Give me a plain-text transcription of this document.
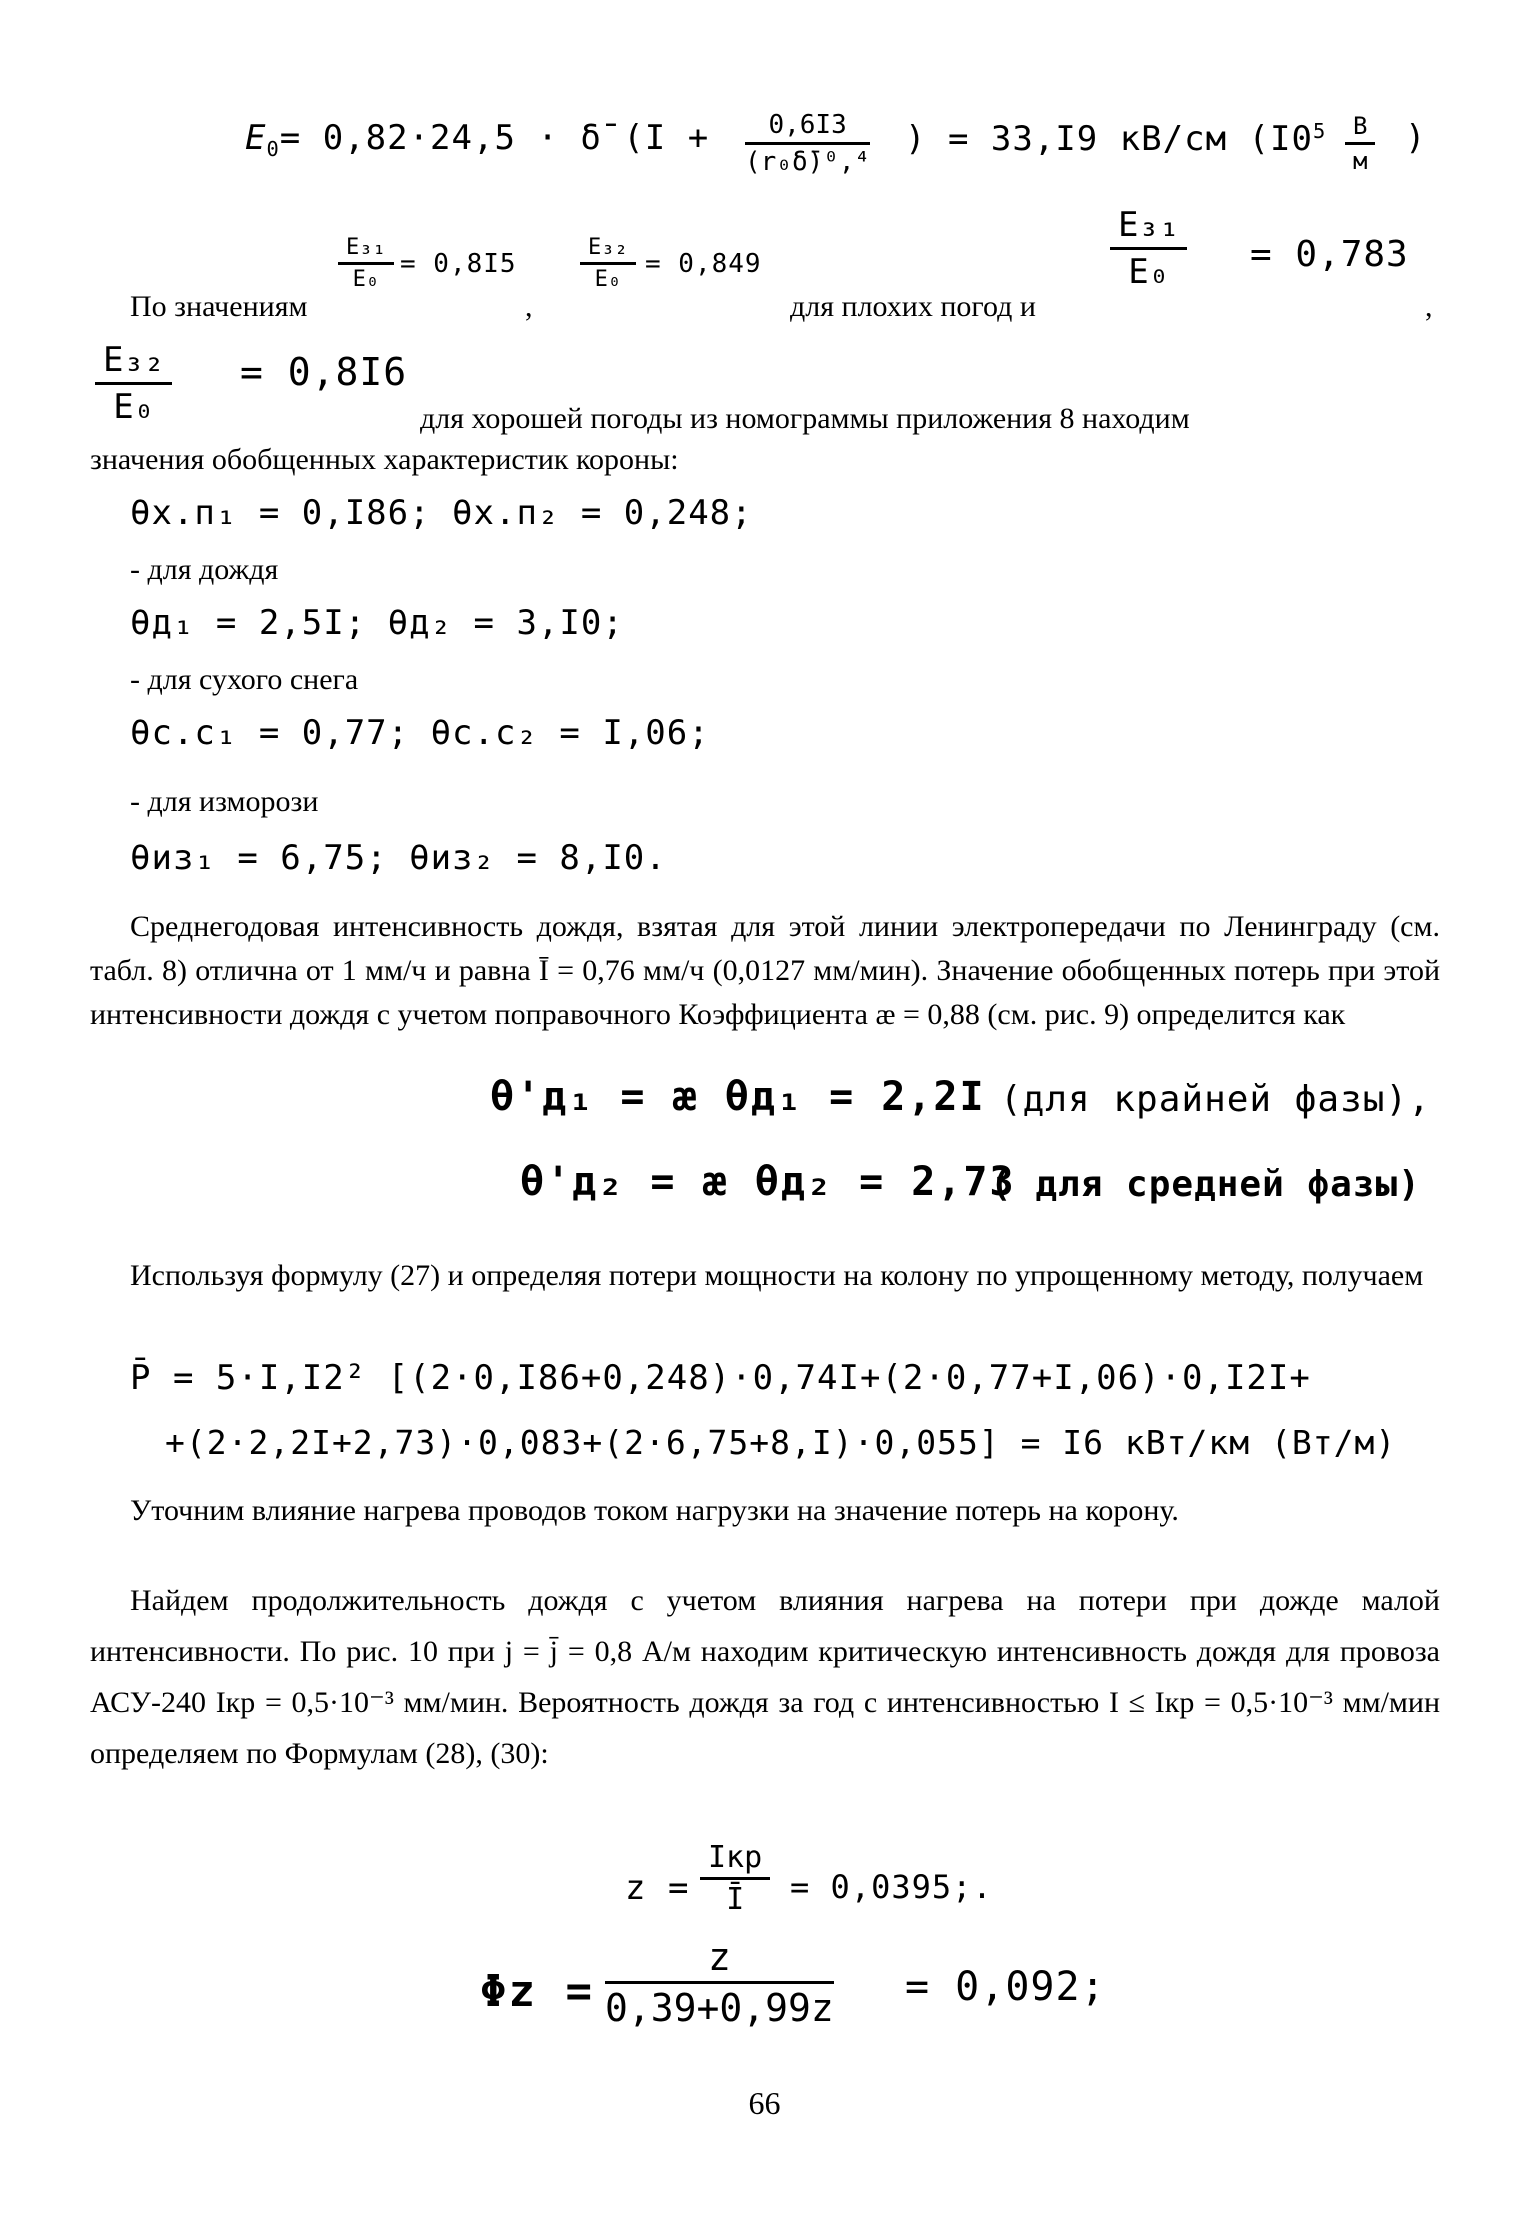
$E_0= 0,82\cdot 24,5$ · δ̄ ($I + \frac{0,6I3}{\text{(r₀δ̄)⁰,⁴}}$ ) = 33,I9 кВ/см ($I0^5$	В
м
)
$\frac{\text{E₃₁}}{\text{E₀}} = 0,8I5$	$\frac{\text{E₃₂}}{\text{E₀}} = 0,849$	$\frac{\text{E₃₁}}{\text{E₀}} = 0,783$
По значениям	,	для плохих погод и	,
$\frac{\text{E₃₂}}{\text{E₀}} = 0,8I6$
для хорошей погоды из номограммы приложения 8 находим
значения обобщенных характеристик короны:
θх.п₁ = 0,I86; θх.п₂ = 0,248;
- для дождя
θд₁ = 2,5I; θд₂ = 3,I0;
- для сухого снега
θс.с₁ = 0,77; θс.с₂ = I,06;
- для изморози
θиз₁ = 6,75; θиз₂ = 8,I0.
Среднегодовая интенсивность дождя, взятая для этой линии электропередачи по Ленинграду (см. табл. 8) отлична от 1 мм/ч и равна Ī = 0,76 мм/ч (0,0127 мм/мин). Значение обобщенных потерь при этой интенсивности дождя с учетом поправочного Коэффициента æ = 0,88 (см. рис. 9) определится как
θ'д₁ = æ θд₁ = 2,2I (для крайней фазы),
θ'д₂ = æ θд₂ = 2,73
( для средней фазы)
Используя формулу (27) и определяя потери мощности на колону по упрощенному методу, получаем
P̄ = 5·I,I2² [(2·0,I86+0,248)·0,74I+(2·0,77+I,06)·0,I2I+
+(2·2,2I+2,73)·0,083+(2·6,75+8,I)·0,055] = I6 кВт/км (Вт/м)
Уточним влияние нагрева проводов током нагрузки на значение потерь на корону.
Найдем продолжительность дождя с учетом влияния нагрева на потери при дожде малой интенсивности. По рис. 10 при j = j̄ = 0,8 А/м находим критическую интенсивность дождя для провоза АСУ-240 Iкр = 0,5·10⁻³ мм/мин. Вероятность дождя за год с интенсивностью I ≤ Iкр = 0,5·10⁻³ мм/мин определяем по Формулам (28), (30):
z =
Iкр
Ī	= 0,0395;.
$\Phi z = \frac{z}{0,39+0,99z} = 0,092$;
66
